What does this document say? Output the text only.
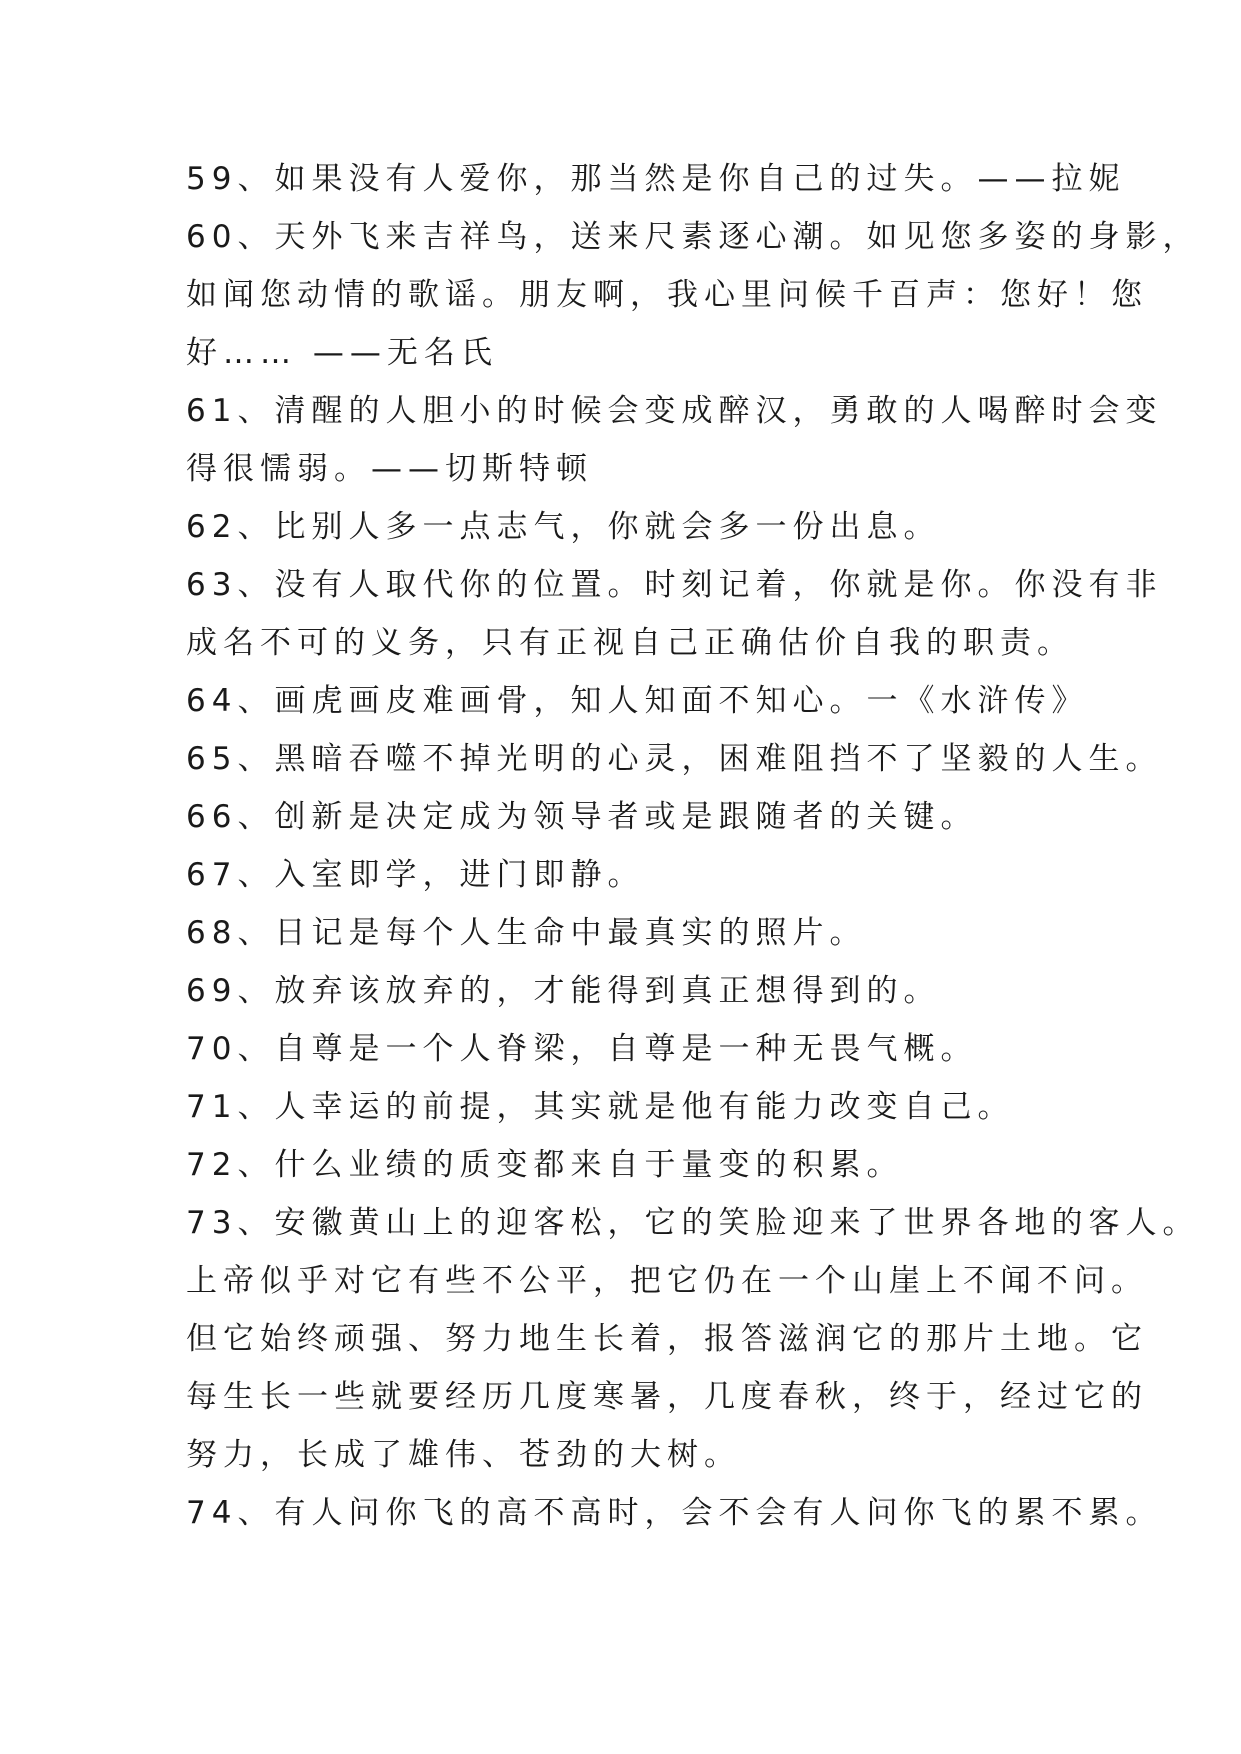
59、如果没有人爱你，那当然是你自己的过失。——拉妮
60、天外飞来吉祥鸟，送来尺素逐心潮。如见您多姿的身影，
如闻您动情的歌谣。朋友啊，我心里问候千百声：您好！您
好…… ——无名氏
61、清醒的人胆小的时候会变成醉汉，勇敢的人喝醉时会变
得很懦弱。——切斯特顿
62、比别人多一点志气，你就会多一份出息。
63、没有人取代你的位置。时刻记着，你就是你。你没有非
成名不可的义务，只有正视自己正确估价自我的职责。
64、画虎画皮难画骨，知人知面不知心。一《水浒传》
65、黑暗吞噬不掉光明的心灵，困难阻挡不了坚毅的人生。
66、创新是决定成为领导者或是跟随者的关键。
67、入室即学，进门即静。
68、日记是每个人生命中最真实的照片。
69、放弃该放弃的，才能得到真正想得到的。
70、自尊是一个人脊梁，自尊是一种无畏气概。
71、人幸运的前提，其实就是他有能力改变自己。
72、什么业绩的质变都来自于量变的积累。
73、安徽黄山上的迎客松，它的笑脸迎来了世界各地的客人。
上帝似乎对它有些不公平，把它仍在一个山崖上不闻不问。
但它始终顽强、努力地生长着，报答滋润它的那片土地。它
每生长一些就要经历几度寒暑，几度春秋，终于，经过它的
努力，长成了雄伟、苍劲的大树。
74、有人问你飞的高不高时，会不会有人问你飞的累不累。
